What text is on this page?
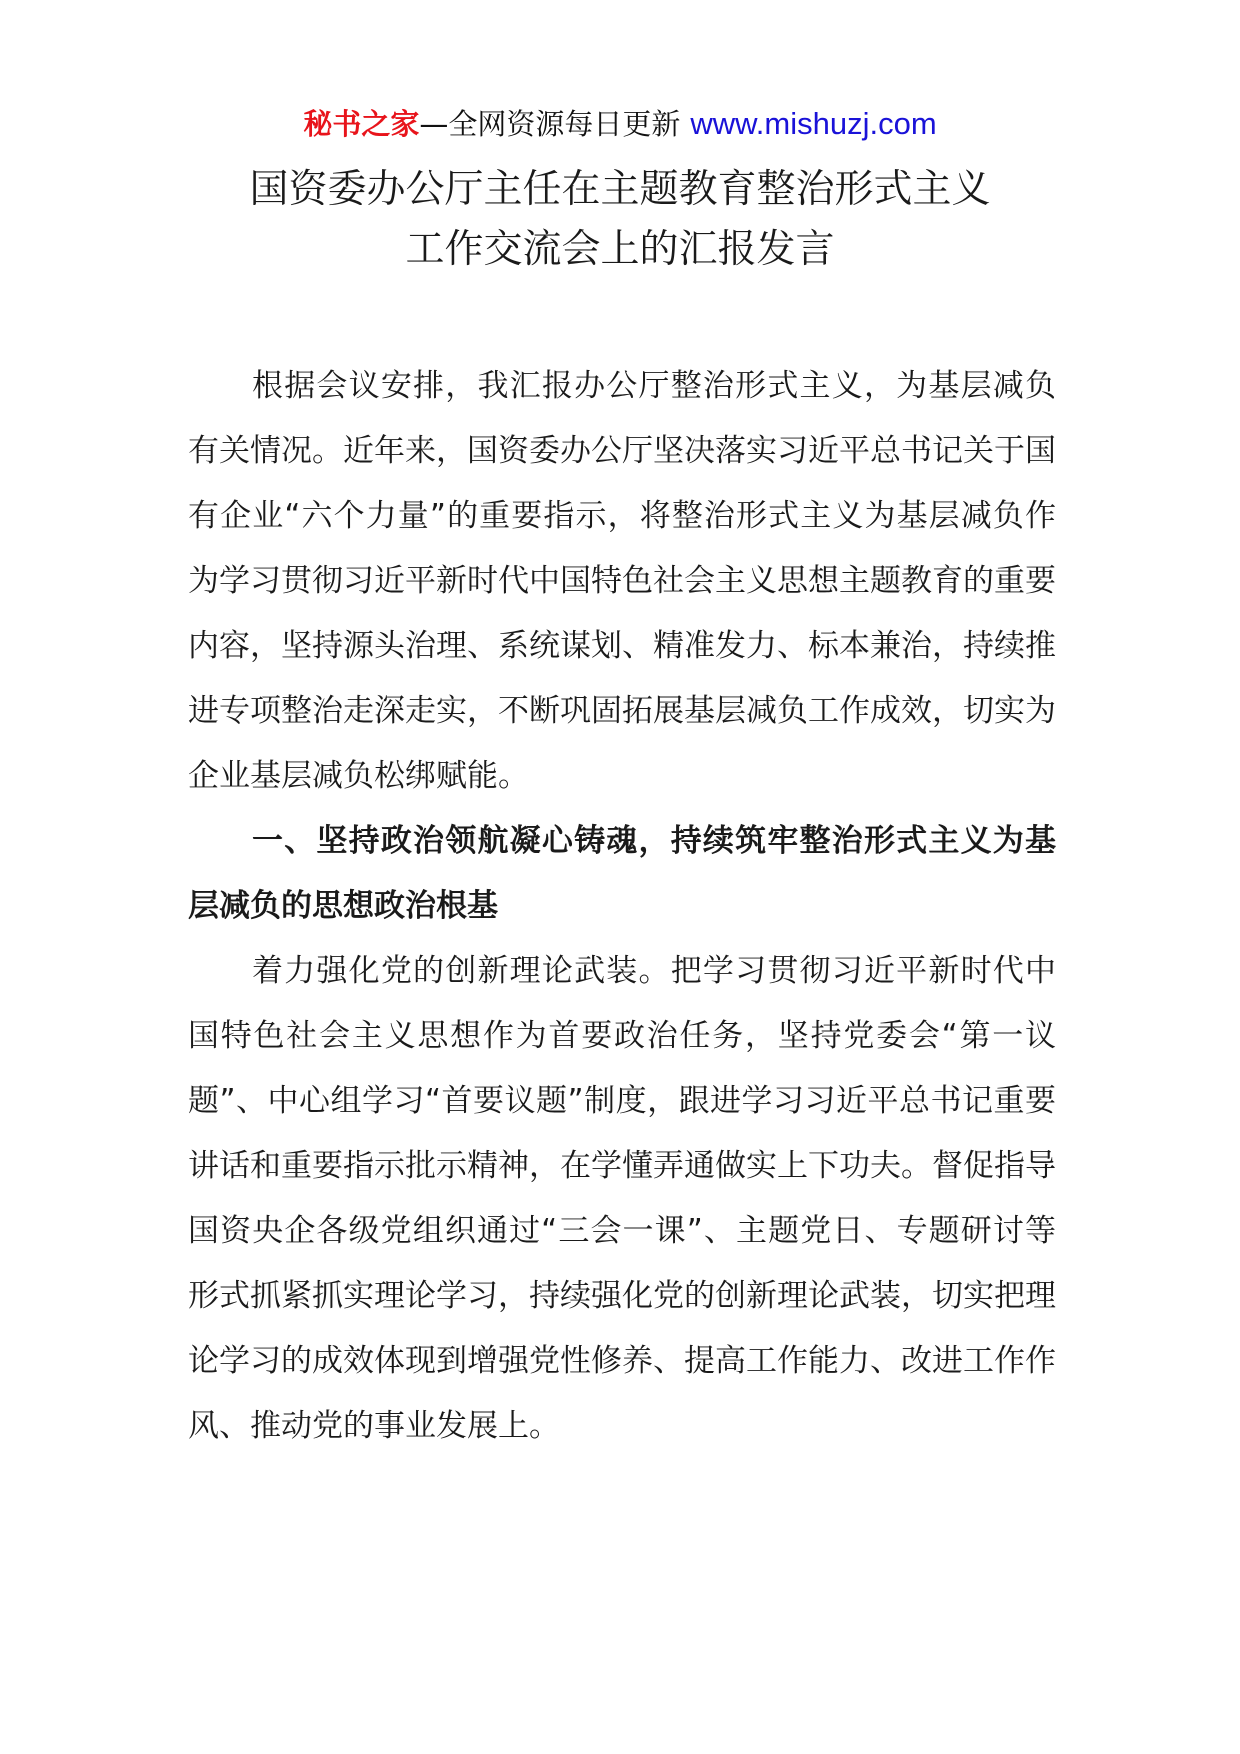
秘书之家—全网资源每日更新 www.mishuzj.com
国资委办公厅主任在主题教育整治形式主义
工作交流会上的汇报发言

根据会议安排，我汇报办公厅整治形式主义，为基层减负有关情况。近年来，国资委办公厅坚决落实习近平总书记关于国有企业“六个力量”的重要指示，将整治形式主义为基层减负作为学习贯彻习近平新时代中国特色社会主义思想主题教育的重要内容，坚持源头治理、系统谋划、精准发力、标本兼治，持续推进专项整治走深走实，不断巩固拓展基层减负工作成效，切实为企业基层减负松绑赋能。

一、坚持政治领航凝心铸魂，持续筑牢整治形式主义为基层减负的思想政治根基

着力强化党的创新理论武装。把学习贯彻习近平新时代中国特色社会主义思想作为首要政治任务，坚持党委会“第一议题”、中心组学习“首要议题”制度，跟进学习习近平总书记重要讲话和重要指示批示精神，在学懂弄通做实上下功夫。督促指导国资央企各级党组织通过“三会一课”、主题党日、专题研讨等形式抓紧抓实理论学习，持续强化党的创新理论武装，切实把理论学习的成效体现到增强党性修养、提高工作能力、改进工作作风、推动党的事业发展上。
